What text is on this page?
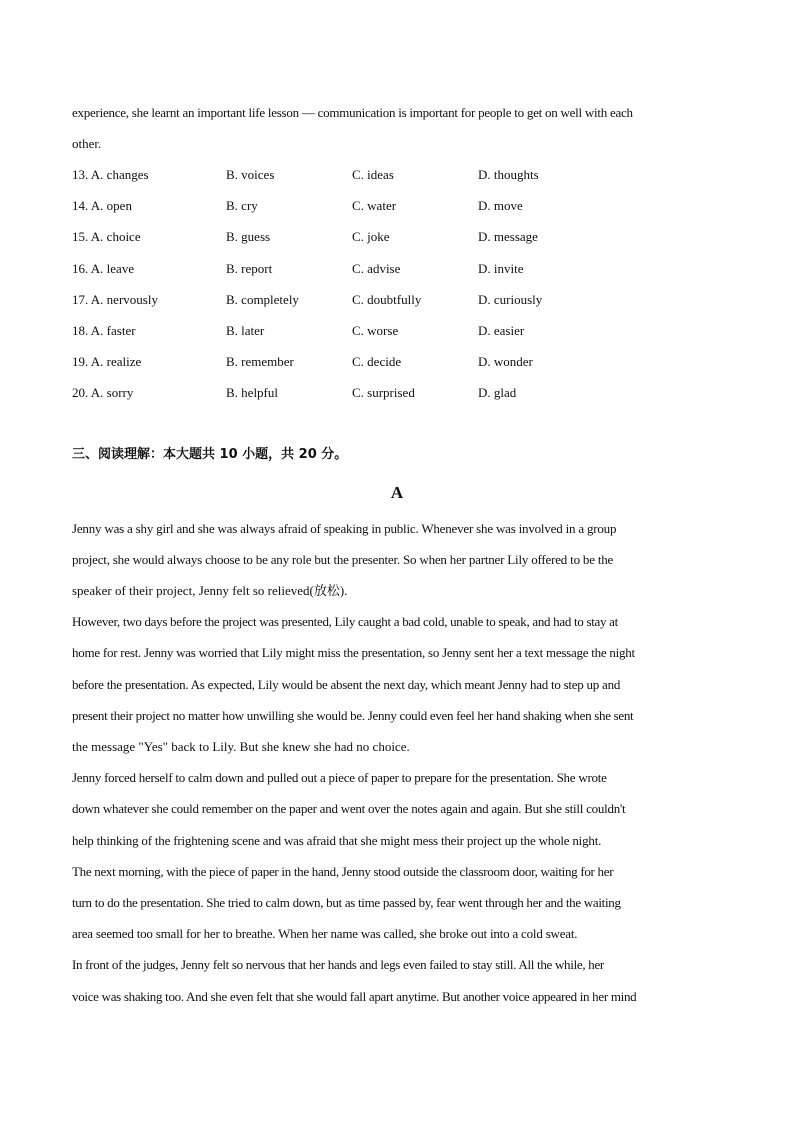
experience, she learnt an important life lesson — communication is important for people to get on well with each
other.
13. A. changes	B. voices	C. ideas	D. thoughts
14. A. open	B. cry	C. water	D. move
15. A. choice	B. guess	C. joke	D. message
16. A. leave	B. report	C. advise	D. invite
17. A. nervously	B. completely	C. doubtfully	D. curiously
18. A. faster	B. later	C. worse	D. easier
19. A. realize	B. remember	C. decide	D. wonder
20. A. sorry	B. helpful	C. surprised	D. glad
三、阅读理解：本大题共 10 小题，共 20 分。
A
Jenny was a shy girl and she was always afraid of speaking in public. Whenever she was involved in a group
project, she would always choose to be any role but the presenter. So when her partner Lily offered to be the
speaker of their project, Jenny felt so relieved(放松).
However, two days before the project was presented, Lily caught a bad cold, unable to speak, and had to stay at
home for rest. Jenny was worried that Lily might miss the presentation, so Jenny sent her a text message the night
before the presentation. As expected, Lily would be absent the next day, which meant Jenny had to step up and
present their project no matter how unwilling she would be. Jenny could even feel her hand shaking when she sent
the message "Yes" back to Lily. But she knew she had no choice.
Jenny forced herself to calm down and pulled out a piece of paper to prepare for the presentation. She wrote
down whatever she could remember on the paper and went over the notes again and again. But she still couldn't
help thinking of the frightening scene and was afraid that she might mess their project up the whole night.
The next morning, with the piece of paper in the hand, Jenny stood outside the classroom door, waiting for her
turn to do the presentation. She tried to calm down, but as time passed by, fear went through her and the waiting
area seemed too small for her to breathe. When her name was called, she broke out into a cold sweat.
In front of the judges, Jenny felt so nervous that her hands and legs even failed to stay still. All the while, her
voice was shaking too. And she even felt that she would fall apart anytime. But another voice appeared in her mind
